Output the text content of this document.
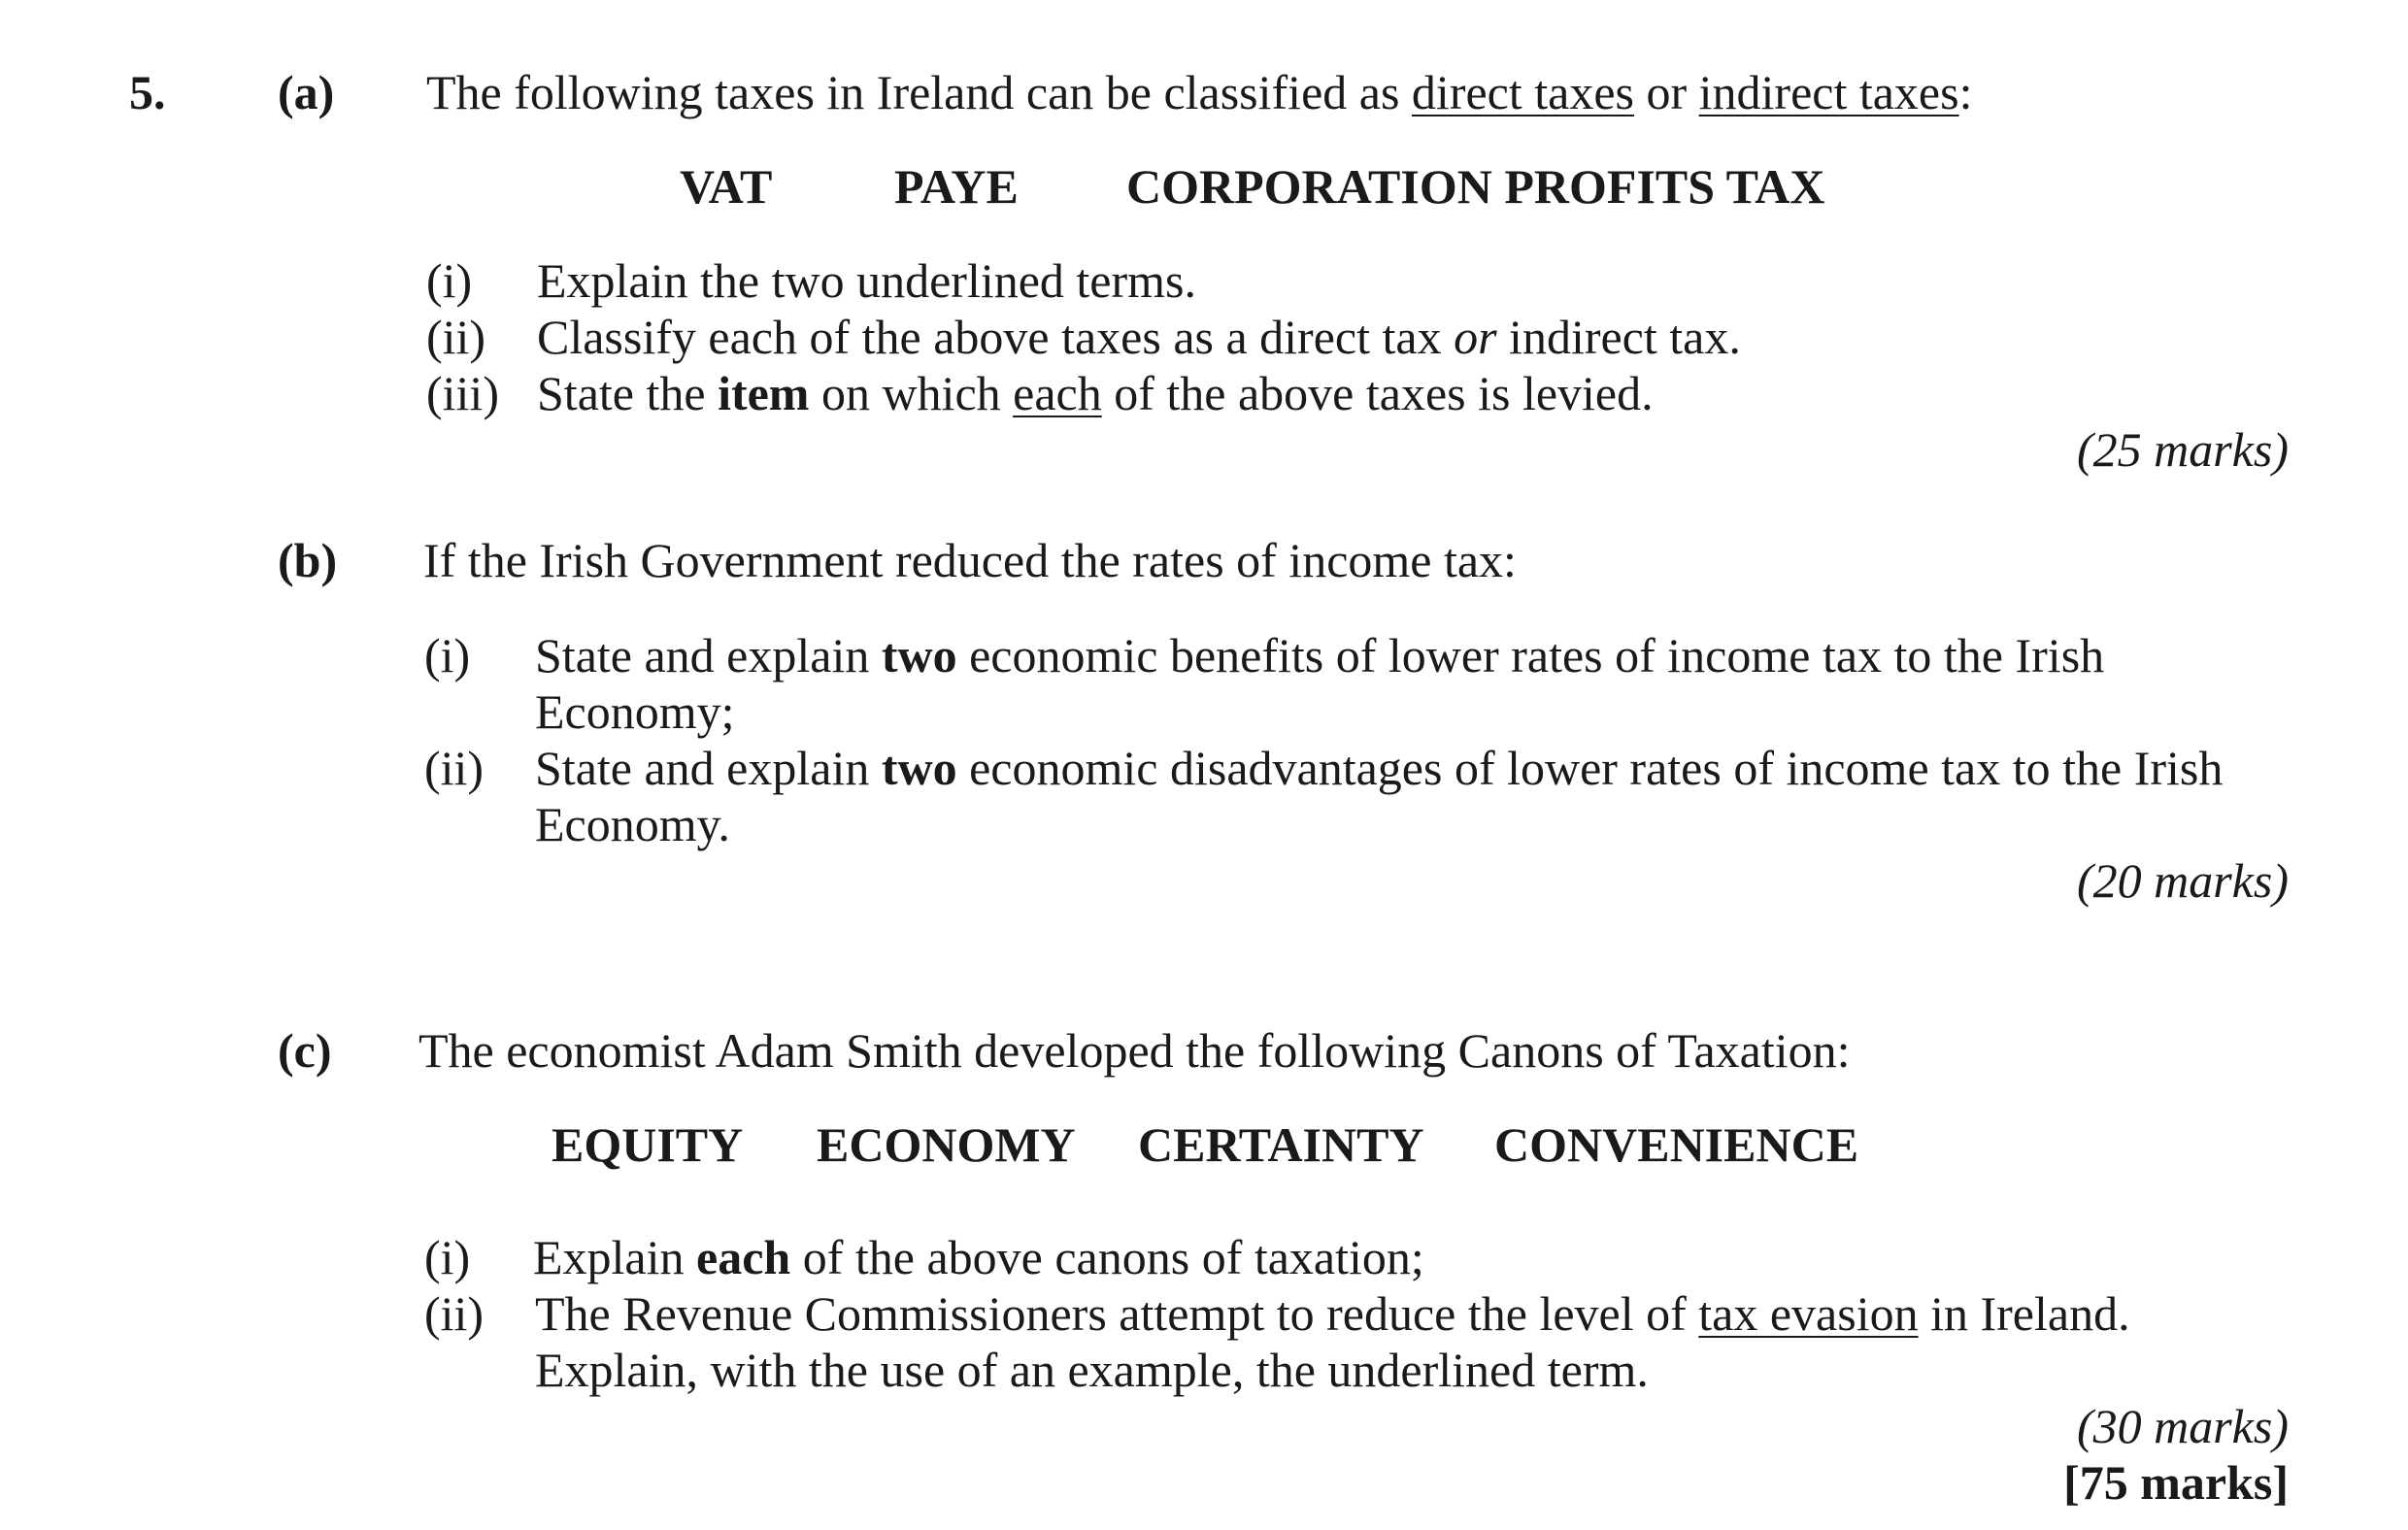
5. (a) The following taxes in Ireland can be classified as direct taxes or indirect taxes:
VAT	PAYE CORPORATION PROFITS TAX
(i) Explain the two underlined terms.
(ii) Classify each of the above taxes as a direct tax or indirect tax.
(iii) State the item on which each of the above taxes is levied.
(25 marks)
(b) If the Irish Government reduced the rates of income tax:
(i) State and explain two economic benefits of lower rates of income tax to the Irish
Economy;
(ii) State and explain two economic disadvantages of lower rates of income tax to the Irish
Economy.
(20 marks)
(c) The economist Adam Smith developed the following Canons of Taxation:
EQUITY ECONOMY CERTAINTY CONVENIENCE
(i) Explain each of the above canons of taxation;
(ii) The Revenue Commissioners attempt to reduce the level of tax evasion in Ireland.
Explain, with the use of an example, the underlined term.
(30 marks)
[75 marks]
